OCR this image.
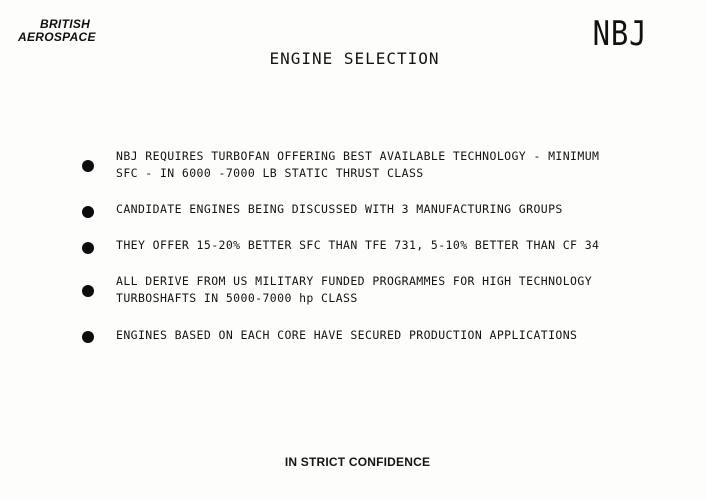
BRITISH
AEROSPACE	NBJ
ENGINE SELECTION
NBJ REQUIRES TURBOFAN OFFERING BEST AVAILABLE TECHNOLOGY - MINIMUM
SFC - IN 6000 -7000 LB STATIC THRUST CLASS
CANDIDATE ENGINES BEING DISCUSSED WITH 3 MANUFACTURING GROUPS
THEY OFFER 15-20% BETTER SFC THAN TFE 731, 5-10% BETTER THAN CF 34
ALL DERIVE FROM US MILITARY FUNDED PROGRAMMES FOR HIGH TECHNOLOGY
TURBOSHAFTS IN 5000-7000 hp CLASS
ENGINES BASED ON EACH CORE HAVE SECURED PRODUCTION APPLICATIONS
IN STRICT CONFIDENCE
